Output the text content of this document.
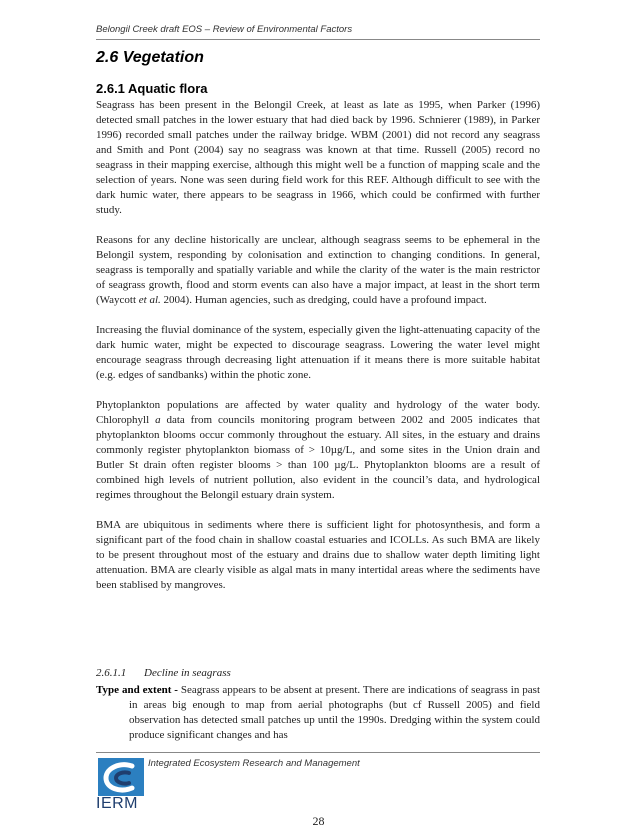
Belongil Creek draft EOS – Review of Environmental Factors
2.6 Vegetation
2.6.1 Aquatic flora

Seagrass has been present in the Belongil Creek, at least as late as 1995, when Parker (1996) detected small patches in the lower estuary that had died back by 1996. Schnierer (1989), in Parker 1996) recorded small patches under the railway bridge. WBM (2001) did not record any seagrass and Smith and Pont (2004) say no seagrass was known at that time. Russell (2005) record no seagrass in their mapping exercise, although this might well be a function of mapping scale and the selection of years. None was seen during field work for this REF. Although difficult to see with the dark humic water, there appears to be seagrass in 1966, which could be confirmed with further study.

Reasons for any decline historically are unclear, although seagrass seems to be ephemeral in the Belongil system, responding by colonisation and extinction to changing conditions. In general, seagrass is temporally and spatially variable and while the clarity of the water is the main restrictor of seagrass growth, flood and storm events can also have a major impact, at least in the short term (Waycott et al. 2004). Human agencies, such as dredging, could have a profound impact.

Increasing the fluvial dominance of the system, especially given the light-attenuating capacity of the dark humic water, might be expected to discourage seagrass. Lowering the water level might encourage seagrass through decreasing light attenuation if it means there is more suitable habitat (e.g. edges of sandbanks) within the photic zone.

Phytoplankton populations are affected by water quality and hydrology of the water body. Chlorophyll a data from councils monitoring program between 2002 and 2005 indicates that phytoplankton blooms occur commonly throughout the estuary. All sites, in the estuary and drains commonly register phytoplankton biomass of > 10µg/L, and some sites in the Union drain and Butler St drain often register blooms > than 100 µg/L. Phytoplankton blooms are a result of combined high levels of nutrient pollution, also evident in the council’s data, and hydrological regimes throughout the Belongil estuary drain system.

BMA are ubiquitous in sediments where there is sufficient light for photosynthesis, and form a significant part of the food chain in shallow coastal estuaries and ICOLLs. As such BMA are likely to be present throughout most of the estuary and drains due to shallow water depth limiting light attenuation. BMA are clearly visible as algal mats in many intertidal areas where the sediments have been stablised by mangroves.

2.6.1.1 Decline in seagrass
Type and extent - Seagrass appears to be absent at present. There are indications of seagrass in past in areas big enough to map from aerial photographs (but cf Russell 2005) and field observation has detected small patches up until the 1990s. Dredging within the system could produce significant changes and has
IERM
Integrated Ecosystem Research and Management
28
